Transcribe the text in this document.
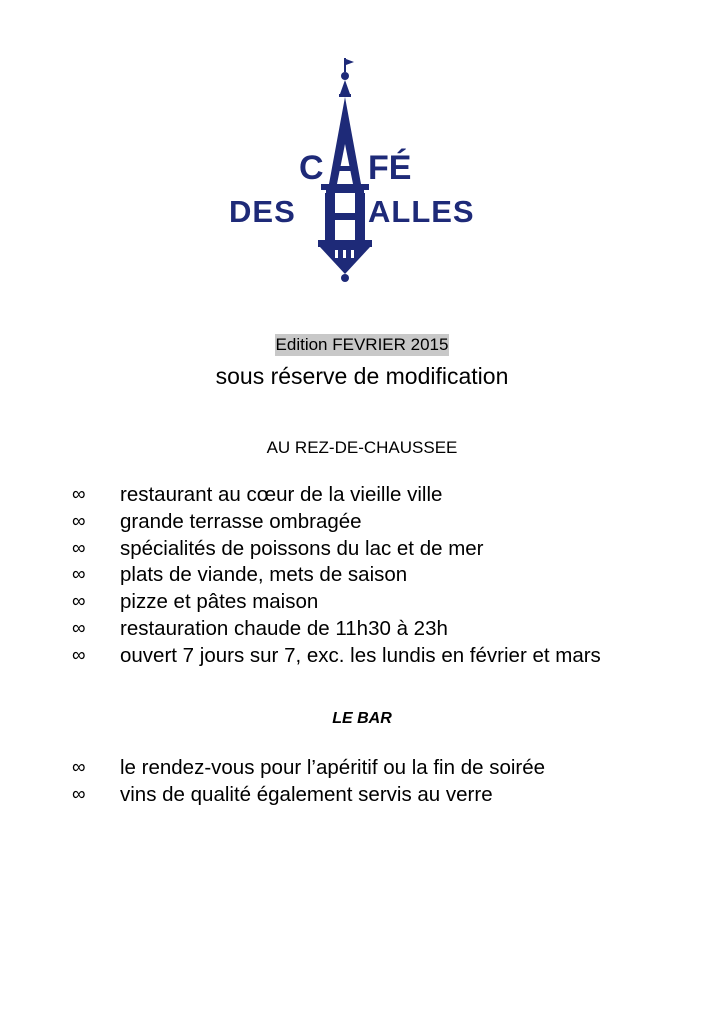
C FÉ
DES ALLES
Edition FEVRIER 2015
sous réserve de modification
AU REZ-DE-CHAUSSEE
∞	restaurant au cœur de la vieille ville
∞	grande terrasse ombragée
∞	spécialités de poissons du lac et de mer
∞	plats de viande, mets de saison
∞	pizze et pâtes maison
∞	restauration chaude de 11h30 à 23h
∞	ouvert 7 jours sur 7, exc. les lundis en février et mars
LE BAR
∞	le rendez-vous pour l’apéritif ou la fin de soirée
∞	vins de qualité également servis au verre
